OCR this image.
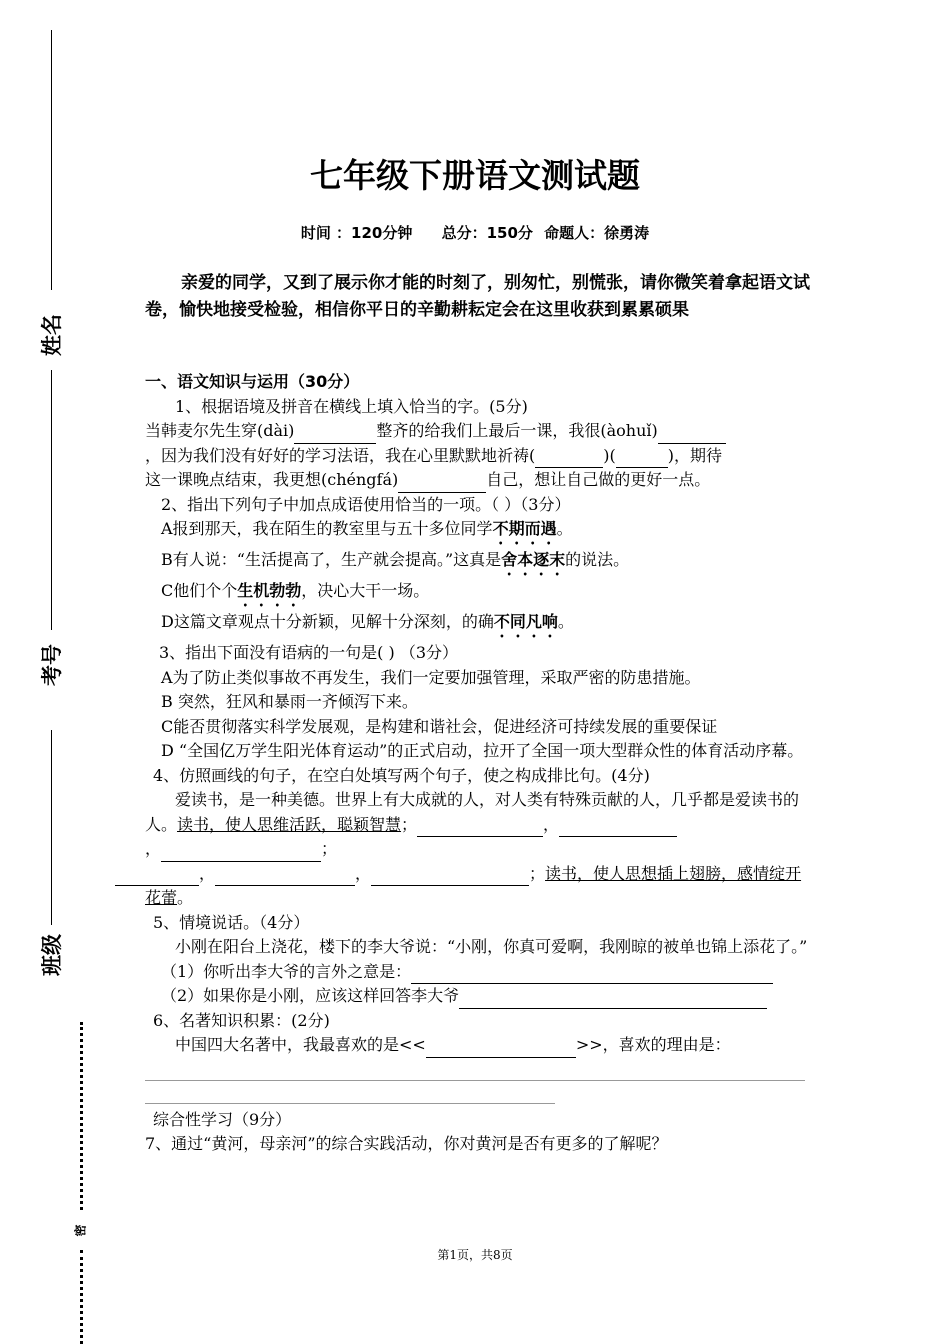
姓名
考号
班级
密
七年级下册语文测试题
时间 ：120分钟 总分：150分 命题人：徐勇涛
亲爱的同学，又到了展示你才能的时刻了，别匆忙，别慌张，请你微笑着拿起语文试卷，愉快地接受检验，相信你平日的辛勤耕耘定会在这里收获到累累硕果

一、语文知识与运用（30分）

1、根据语境及拼音在横线上填入恰当的字。(5分)

当韩麦尔先生穿(dài)	整齐的给我们上最后一课，我很(àohuǐ)

，因为我们没有好好的学习法语，我在心里默默地祈祷(	)(	)，期待

这一课晚点结束，我更想(chéngfá)	自己，想让自己做的更好一点。

2、指出下列句子中加点成语使用恰当的一项。（ ）（3分）

A报到那天，我在陌生的教室里与五十多位同学不期而遇。

B有人说：“生活提高了，生产就会提高。”这真是舍本逐末的说法。

C他们个个生机勃勃，决心大干一场。

D这篇文章观点十分新颖，见解十分深刻，的确不同凡响。

3、指出下面没有语病的一句是( ) （3分）

A为了防止类似事故不再发生，我们一定要加强管理，采取严密的防患措施。

B 突然，狂风和暴雨一齐倾泻下来。

C能否贯彻落实科学发展观，是构建和谐社会，促进经济可持续发展的重要保证

D “全国亿万学生阳光体育运动”的正式启动，拉开了全国一项大型群众性的体育活动序幕。

4、仿照画线的句子，在空白处填写两个句子，使之构成排比句。(4分)

爱读书，是一种美德。世界上有大成就的人，对人类有特殊贡献的人，几乎都是爱读书的人。读书，使人思维活跃，聪颖智慧；	，
，	；
，	，	；读书，使人思想插上翅膀，感情绽开花蕾。

5、情境说话。（4分）

小刚在阳台上浇花，楼下的李大爷说：“小刚，你真可爱啊，我刚晾的被单也锦上添花了。”

（1）你听出李大爷的言外之意是：

（2）如果你是小刚，应该这样回答李大爷

6、名著知识积累：(2分)

中国四大名著中，我最喜欢的是<<	>>，喜欢的理由是：

综合性学习（9分）

7、通过“黄河，母亲河”的综合实践活动，你对黄河是否有更多的了解呢？

第1页，共8页
